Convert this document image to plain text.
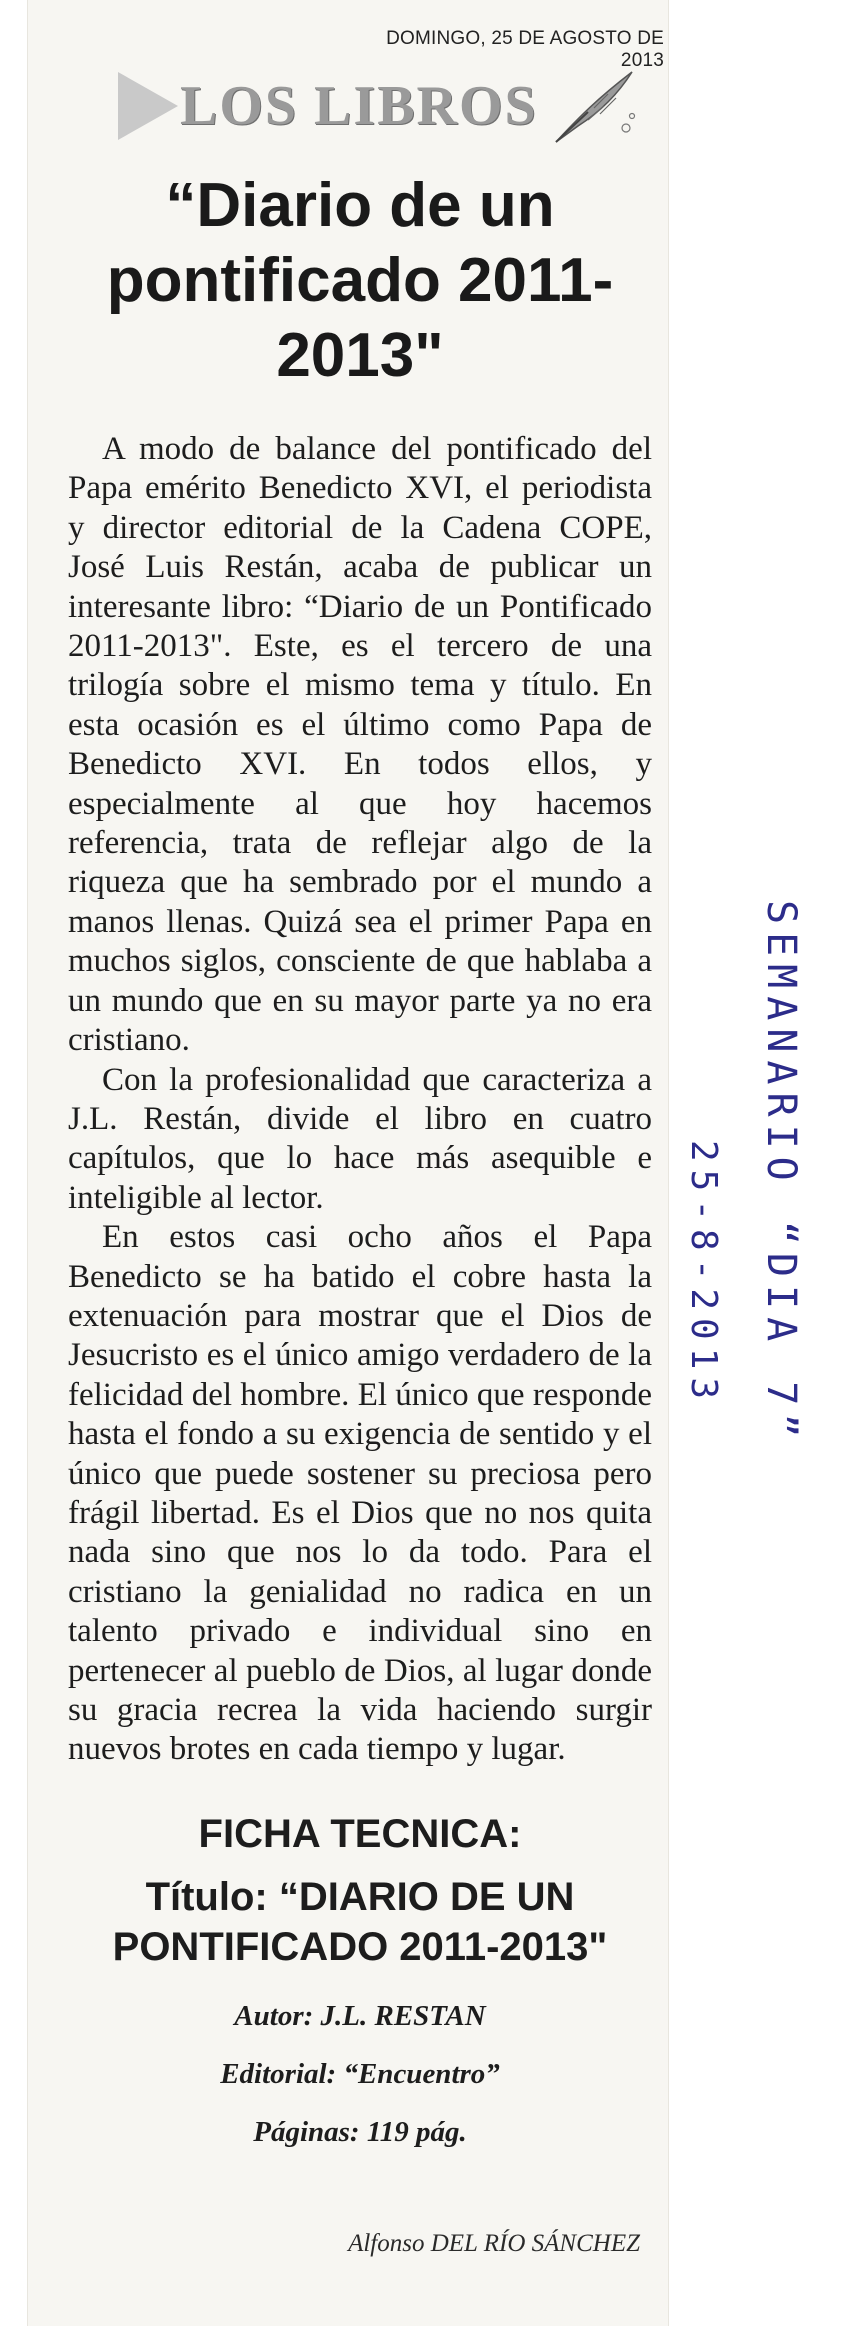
DOMINGO, 25 DE AGOSTO DE 2013
LOS LIBROS
“Diario de un pontificado 2011-2013"

A modo de balance del pontificado del Papa emérito Benedicto XVI, el periodista y director editorial de la Cadena COPE, José Luis Restán, acaba de publicar un interesante libro: “Diario de un Pontificado 2011-2013". Este, es el tercero de una trilogía sobre el mismo tema y título. En esta ocasión es el último como Papa de Benedicto XVI. En todos ellos, y especialmente al que hoy hacemos referencia, trata de reflejar algo de la riqueza que ha sembrado por el mundo a manos llenas. Quizá sea el primer Papa en muchos siglos, consciente de que hablaba a un mundo que en su mayor parte ya no era cristiano.

Con la profesionalidad que caracteriza a J.L. Restán, divide el libro en cuatro capítulos, que lo hace más asequible e inteligible al lector.

En estos casi ocho años el Papa Benedicto se ha batido el cobre hasta la extenuación para mostrar que el Dios de Jesucristo es el único amigo verdadero de la felicidad del hombre. El único que responde hasta el fondo a su exigencia de sentido y el único que puede sostener su preciosa pero frágil libertad. Es el Dios que no nos quita nada sino que nos lo da todo. Para el cristiano la genialidad no radica en un talento privado e individual sino en pertenecer al pueblo de Dios, al lugar donde su gracia recrea la vida haciendo surgir nuevos brotes en cada tiempo y lugar.

FICHA TECNICA:
Título: “DIARIO DE UN PONTIFICADO 2011-2013"
Autor: J.L. RESTAN
Editorial: “Encuentro”
Páginas: 119 pág.
Alfonso DEL RÍO SÁNCHEZ
SEMANARIO “DIA 7”
25-8-2013
